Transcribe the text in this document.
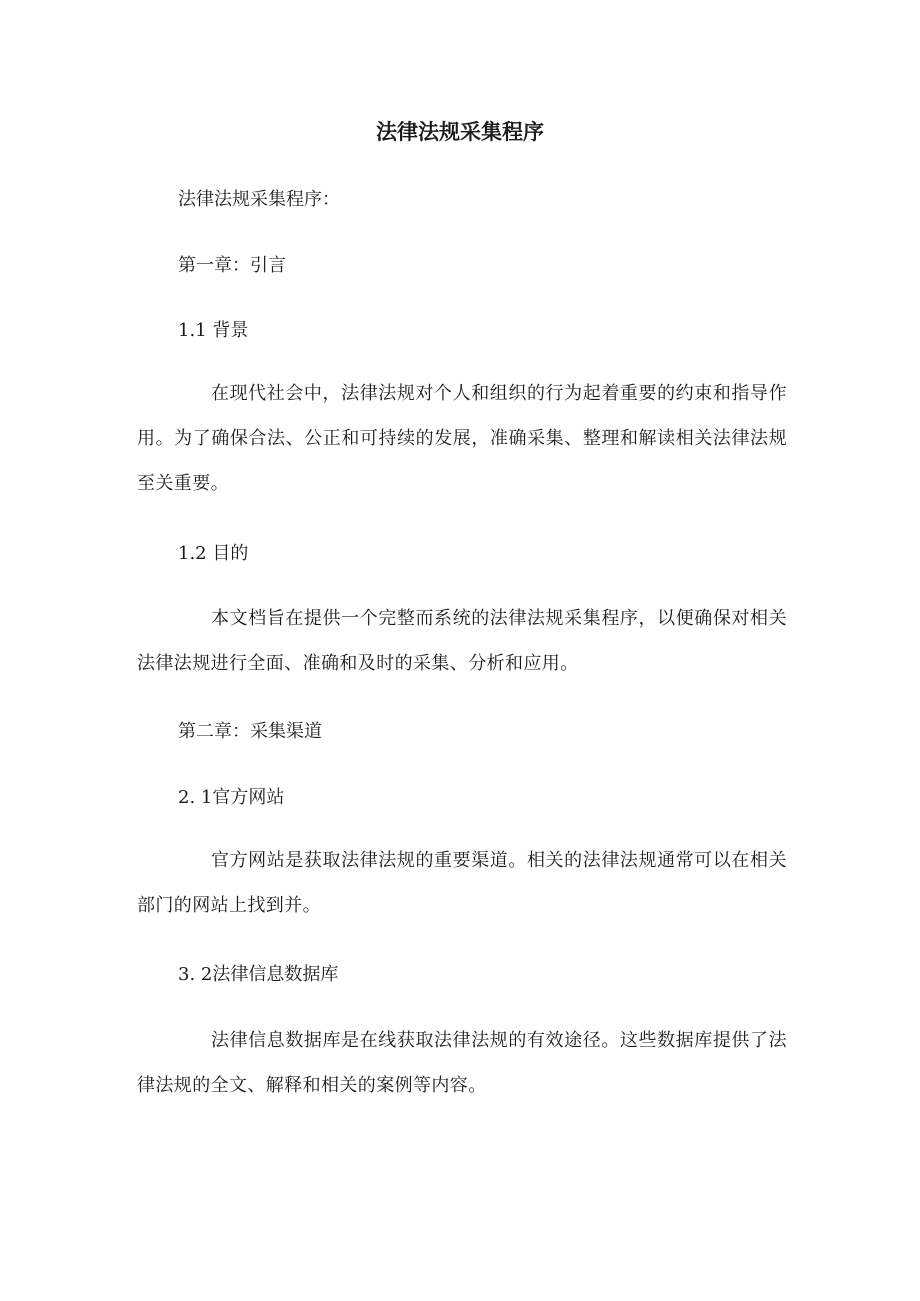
法律法规采集程序

法律法规采集程序：

第一章：引言

1.1 背景

在现代社会中，法律法规对个人和组织的行为起着重要的约束和指导作用。为了确保合法、公正和可持续的发展，准确采集、整理和解读相关法律法规至关重要。

1.2 目的

本文档旨在提供一个完整而系统的法律法规采集程序，以便确保对相关法律法规进行全面、准确和及时的采集、分析和应用。

第二章：采集渠道

2. 1官方网站

官方网站是获取法律法规的重要渠道。相关的法律法规通常可以在相关部门的网站上找到并。

3. 2法律信息数据库

法律信息数据库是在线获取法律法规的有效途径。这些数据库提供了法律法规的全文、解释和相关的案例等内容。
